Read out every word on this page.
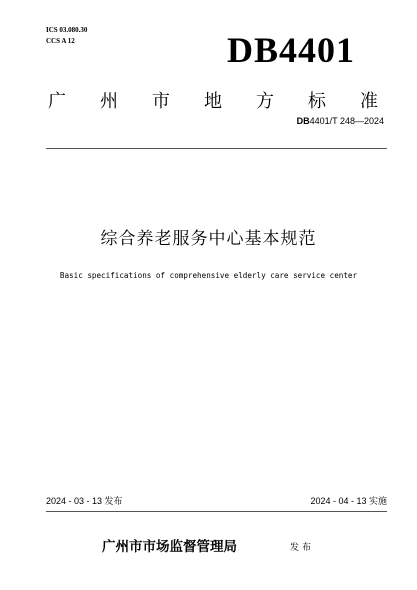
ICS 03.080.30
CCS A 12	DB4401
广 州 市 地 方 标 准
DB4401/T 248—2024
综合养老服务中心基本规范
Basic specifications of comprehensive elderly care service center
2024 - 03 - 13 发布	2024 - 04 - 13 实施
广州市市场监督管理局	发布
